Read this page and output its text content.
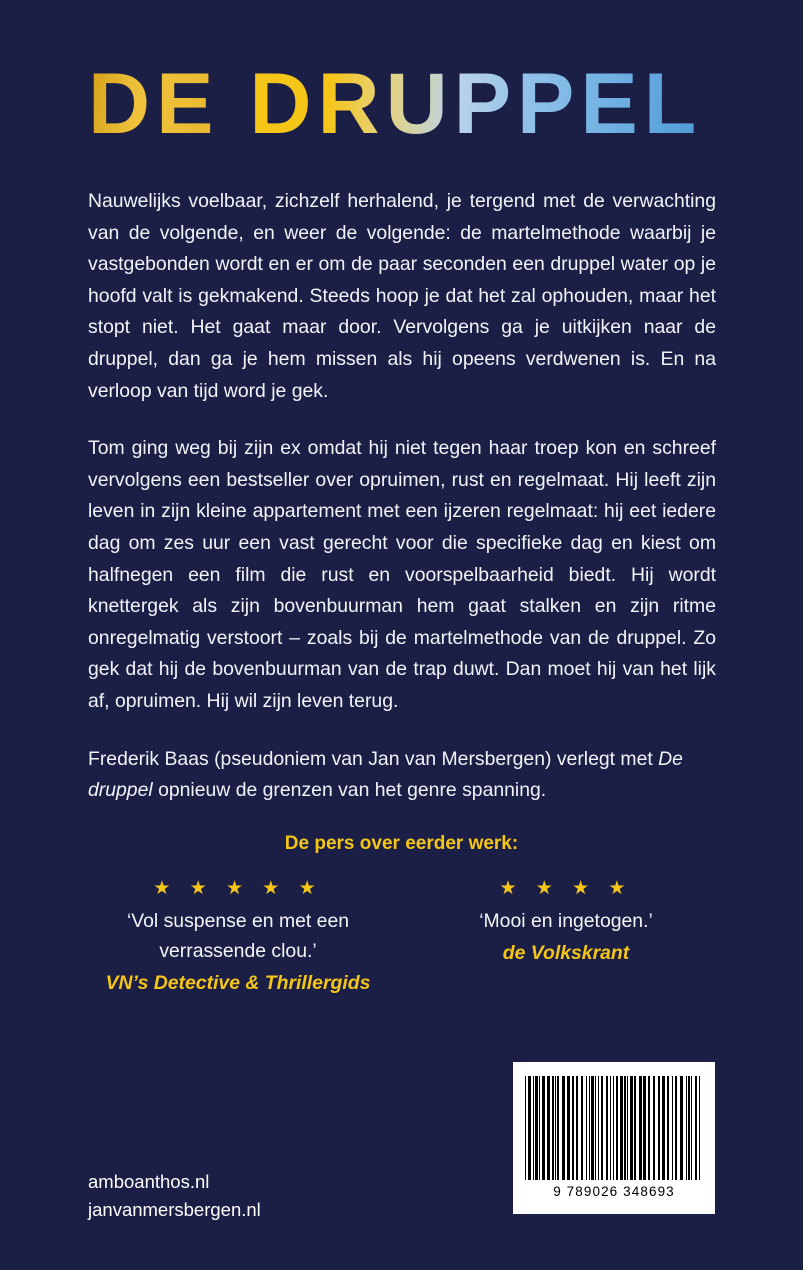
DE DRUPPEL

Nauwelijks voelbaar, zichzelf herhalend, je tergend met de verwachting van de volgende, en weer de volgende: de martelmethode waarbij je vastgebonden wordt en er om de paar seconden een druppel water op je hoofd valt is gekmakend. Steeds hoop je dat het zal ophouden, maar het stopt niet. Het gaat maar door. Vervolgens ga je uitkijken naar de druppel, dan ga je hem missen als hij opeens verdwenen is. En na verloop van tijd word je gek.

Tom ging weg bij zijn ex omdat hij niet tegen haar troep kon en schreef vervolgens een bestseller over opruimen, rust en regelmaat. Hij leeft zijn leven in zijn kleine appartement met een ijzeren regelmaat: hij eet iedere dag om zes uur een vast gerecht voor die specifieke dag en kiest om halfnegen een film die rust en voorspelbaarheid biedt. Hij wordt knettergek als zijn bovenbuurman hem gaat stalken en zijn ritme onregelmatig verstoort – zoals bij de martelmethode van de druppel. Zo gek dat hij de bovenbuurman van de trap duwt. Dan moet hij van het lijk af, opruimen. Hij wil zijn leven terug.

Frederik Baas (pseudoniem van Jan van Mersbergen) verlegt met De druppel opnieuw de grenzen van het genre spanning.

De pers over eerder werk:
★ ★ ★ ★ ★
‘Vol suspense en met een verrassende clou.’
VN’s Detective & Thrillergids
★ ★ ★ ★
‘Mooi en ingetogen.’
de Volkskrant
9 789026 348693
amboanthos.nl
janvanmersbergen.nl
